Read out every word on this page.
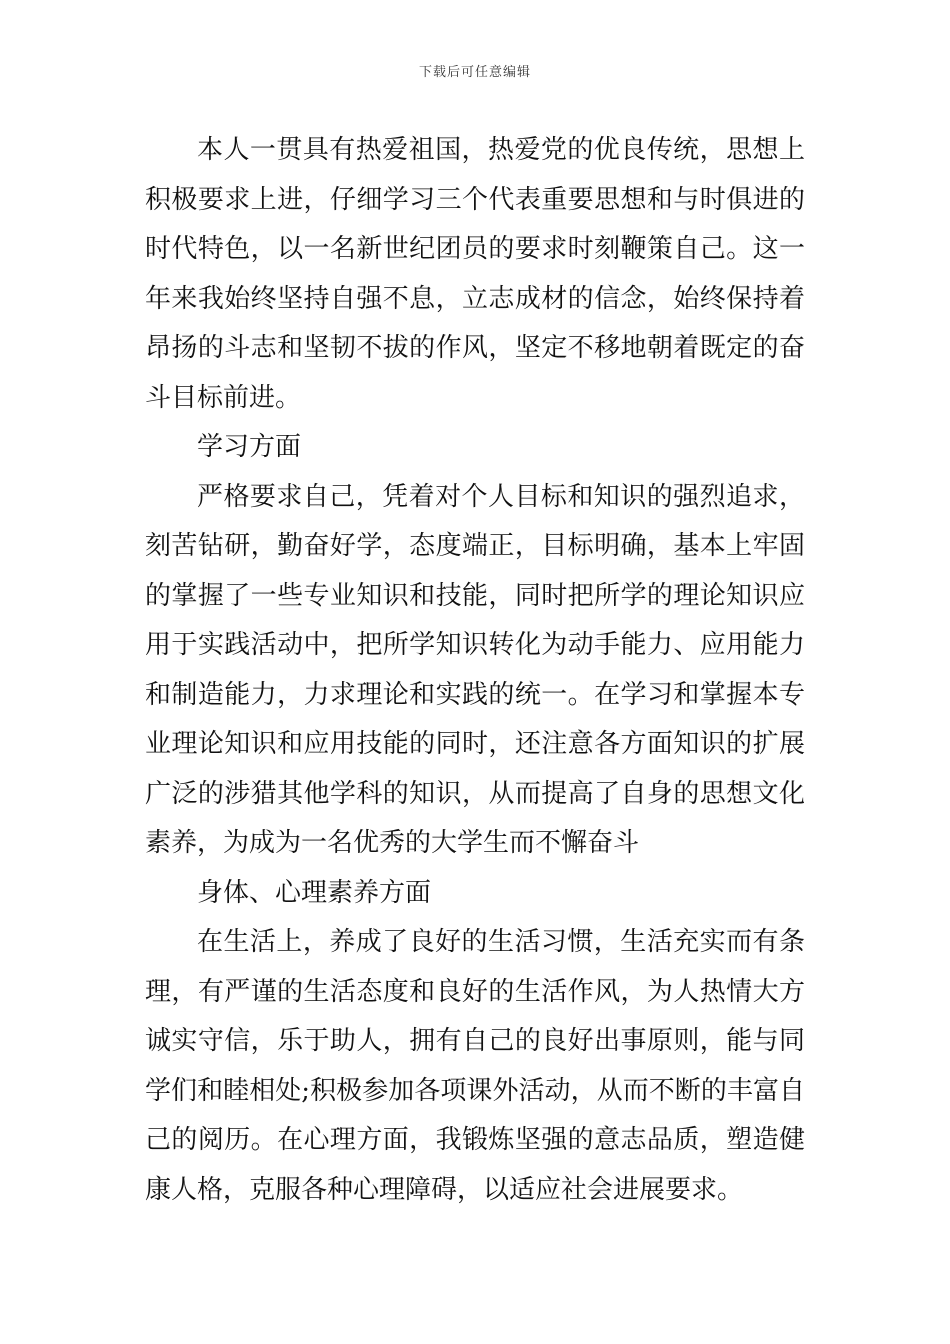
下载后可任意编辑

本人一贯具有热爱祖国，热爱党的优良传统，思想上积极要求上进，仔细学习三个代表重要思想和与时俱进的时代特色，以一名新世纪团员的要求时刻鞭策自己。这一年来我始终坚持自强不息，立志成材的信念，始终保持着昂扬的斗志和坚韧不拔的作风，坚定不移地朝着既定的奋斗目标前进。

学习方面

严格要求自己，凭着对个人目标和知识的强烈追求，刻苦钻研，勤奋好学，态度端正，目标明确，基本上牢固的掌握了一些专业知识和技能，同时把所学的理论知识应用于实践活动中，把所学知识转化为动手能力、应用能力和制造能力，力求理论和实践的统一。在学习和掌握本专业理论知识和应用技能的同时，还注意各方面知识的扩展广泛的涉猎其他学科的知识，从而提高了自身的思想文化素养，为成为一名优秀的大学生而不懈奋斗

身体、心理素养方面

在生活上，养成了良好的生活习惯，生活充实而有条理，有严谨的生活态度和良好的生活作风，为人热情大方诚实守信，乐于助人，拥有自己的良好出事原则，能与同学们和睦相处;积极参加各项课外活动，从而不断的丰富自己的阅历。在心理方面，我锻炼坚强的意志品质，塑造健康人格，克服各种心理障碍，以适应社会进展要求。
